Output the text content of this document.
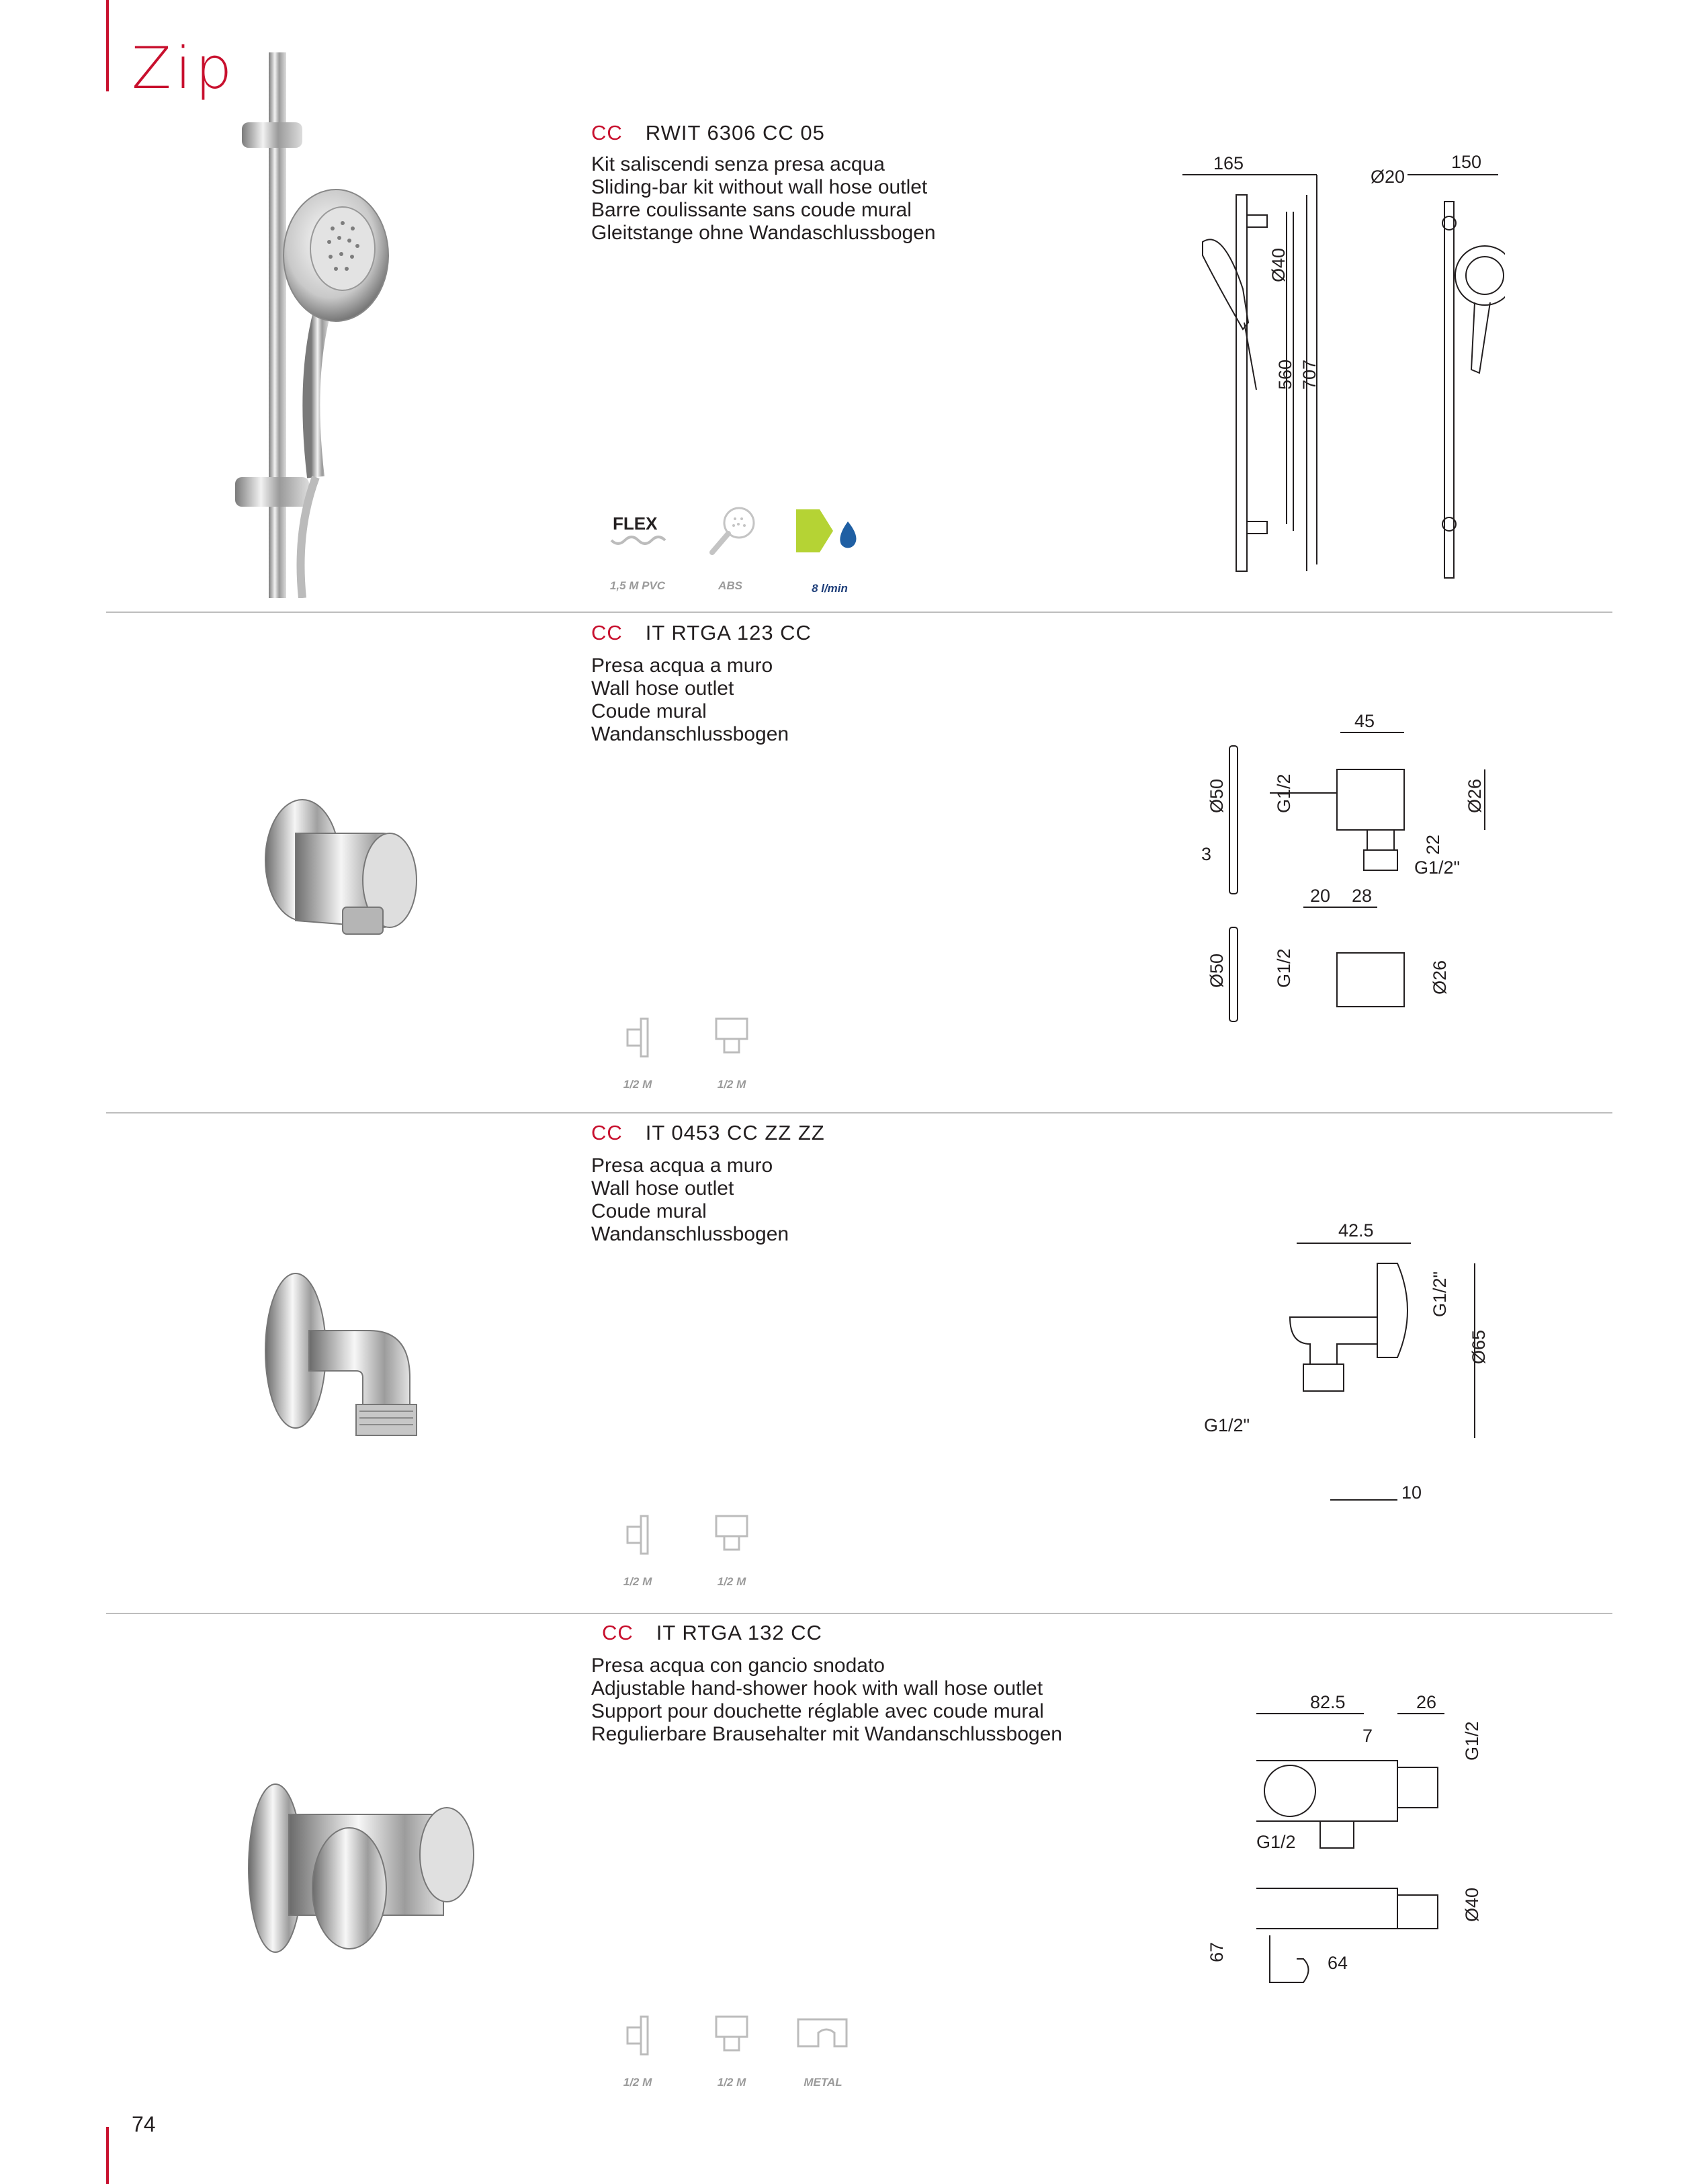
Zip
CC RWIT 6306 CC 05
Kit saliscendi senza presa acqua
Sliding-bar kit without wall hose outlet
Barre coulissante sans coude mural
Gleitstange ohne Wandaschlussbogen
165
Ø40
560 707
Ø20
150
FLEX
1,5 M PVC	ABS	8 l/min
CC IT RTGA 123 CC
Presa acqua a muro
Wall hose outlet
Coude mural
Wandanschlussbogen
45
Ø50	G1/2	Ø26
3	22
G1/2"
20 28
Ø50	G1/2	Ø26
1/2 M	1/2 M
CC IT 0453 CC ZZ ZZ
Presa acqua a muro
Wall hose outlet
Coude mural
Wandanschlussbogen	42.5
G1/2"
Ø65
G1/2"
10
1/2 M	1/2 M
CC IT RTGA 132 CC
Presa acqua con gancio snodato
Adjustable hand-shower hook with wall hose outlet
Support pour douchette réglable avec coude mural
Regulierbare Brausehalter mit Wandanschlussbogen
82.5	26
7	G1/2
G1/2
Ø40
67
64
1/2 M	1/2 M	METAL
74
